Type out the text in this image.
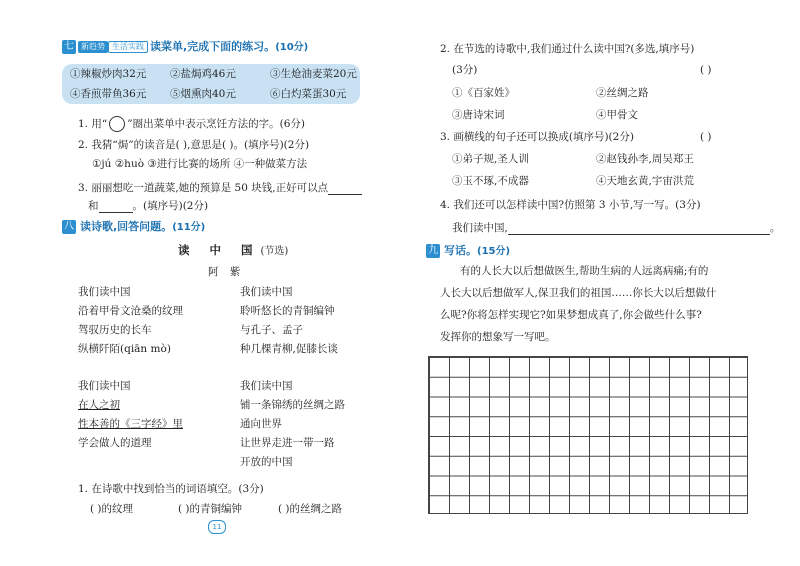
七 新趋势 生活实践 读菜单,完成下面的练习。(10分)
①辣椒炒肉32元 ②盐焗鸡46元	③生炝油麦菜20元
④香煎带鱼36元 ⑤烟熏肉40元	⑥白灼菜蛋30元
1. 用“ ”圈出菜单中表示烹饪方法的字。(6分)
2. 我猜“焗”的读音是( ),意思是( )。(填序号)(2分)
①jú ②huò ③进行比赛的场所 ④一种做菜方法
3. 丽丽想吃一道蔬菜,她的预算是 50 块钱,正好可以点
和	。(填序号)(2分)
八 读诗歌,回答问题。(11分)
读 中 国(节选)
阿 紫
我们读中国
沿着甲骨文沧桑的纹理
驾驭历史的长车
纵横阡陌(qiān mò)
我们读中国
聆听悠长的青铜编钟
与孔子、孟子
种几棵青柳,促膝长谈
我们读中国
在人之初
性本善的《三字经》里
学会做人的道理
我们读中国
铺一条锦绣的丝绸之路
通向世界
让世界走进一带一路
开放的中国
1. 在诗歌中找到恰当的词语填空。(3分)
( )的纹理	( )的青铜编钟	( )的丝绸之路
11
2. 在节选的诗歌中,我们通过什么读中国?(多选,填序号)
(3分)	( )
①《百家姓》	②丝绸之路
③唐诗宋词	④甲骨文
3. 画横线的句子还可以换成(填序号)(2分)	( )
①弟子规,圣人训	②赵钱孙李,周吴郑王
③玉不琢,不成器	④天地玄黄,宇宙洪荒
4. 我们还可以怎样读中国?仿照第 3 小节,写一写。(3分)
我们读中国,	。
九 写话。(15分)
有的人长大以后想做医生,帮助生病的人远离病痛;有的
人长大以后想做军人,保卫我们的祖国……你长大以后想做什
么呢?你将怎样实现它?如果梦想成真了,你会做些什么事?
发挥你的想象写一写吧。
